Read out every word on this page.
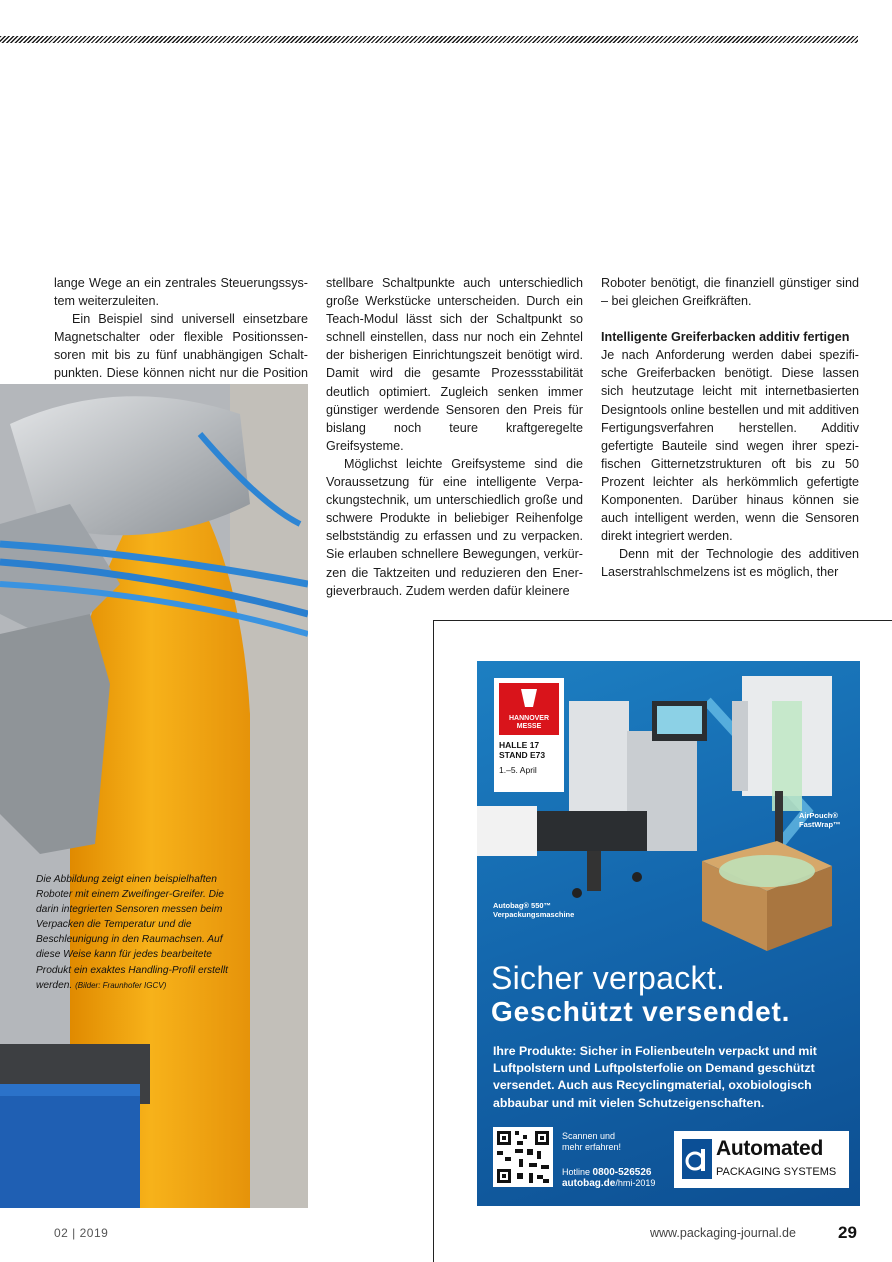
lange Wege an ein zentrales Steuerungssystem weiterzuleiten.

Ein Beispiel sind universell einsetzbare Magnetschalter oder flexible Positionssensoren mit bis zu fünf unabhängigen Schaltpunkten. Diese können nicht nur die Position

stellbare Schaltpunkte auch unterschiedlich große Werkstücke unterscheiden. Durch ein Teach-Modul lässt sich der Schaltpunkt so schnell einstellen, dass nur noch ein Zehntel der bisherigen Einrichtungszeit benötigt wird. Damit wird die gesamte Prozessstabilität deutlich optimiert. Zugleich senken immer günstiger werdende Sensoren den Preis für bislang noch teure kraftgeregelte Greifsysteme.

Möglichst leichte Greifsysteme sind die Voraussetzung für eine intelligente Verpackungstechnik, um unterschiedlich große und schwere Produkte in beliebiger Reihenfolge selbstständig zu erfassen und zu verpacken. Sie erlauben schnellere Bewegungen, verkürzen die Taktzeiten und reduzieren den Energieverbrauch. Zudem werden dafür kleinere

Roboter benötigt, die finanziell günstiger sind – bei gleichen Greifkräften.

Intelligente Greiferbacken additiv fertigen

Je nach Anforderung werden dabei spezifische Greiferbacken benötigt. Diese lassen sich heutzutage leicht mit internetbasierten Designtools online bestellen und mit additiven Fertigungsverfahren herstellen. Additiv gefertigte Bauteile sind wegen ihrer spezifischen Gitternetzstrukturen oft bis zu 50 Prozent leichter als herkömmlich gefertigte Komponenten. Darüber hinaus können sie auch intelligent werden, wenn die Sensoren direkt integriert werden.

Denn mit der Technologie des additiven Laserstrahlschmelzens ist es möglich, ther

Die Abbildung zeigt einen beispielhaften Roboter mit einem Zweifinger-Greifer. Die darin integrierten Sensoren messen beim Verpacken die Temperatur und die Beschleunigung in den Raumachsen. Auf diese Weise kann für jedes bearbeitete Produkt ein exaktes Handling-Profil erstellt werden. (Bilder: Fraunhofer IGCV)
HANNOVER
MESSE
HALLE 17
STAND E73
1.–5. April
AirPouch®
FastWrap™
Autobag® 550™
Verpackungsmaschine
Sicher verpackt.
Geschützt versendet.
Ihre Produkte: Sicher in Folienbeuteln verpackt und mit Luftpolstern und Luftpolsterfolie on Demand geschützt versendet. Auch aus Recyclingmaterial, oxobiologisch abbaubar und mit vielen Schutzeigenschaften.
Scannen und
mehr erfahren!
Hotline 0800-526526
autobag.de/hmi-2019
Automated
PACKAGING SYSTEMS
02 | 2019	www.packaging-journal.de 29
